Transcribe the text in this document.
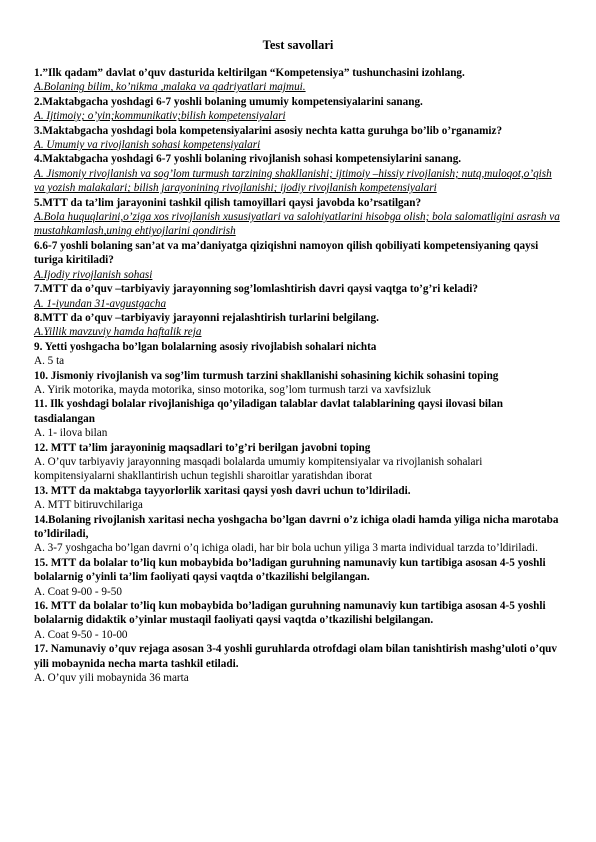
Test savollari

1.”Ilk qadam” davlat o’quv dasturida keltirilgan “Kompetensiya” tushunchasini izohlang.

A.Bolaning bilim, ko’nikma ,malaka va qadriyatlari majmui.

2.Maktabgacha yoshdagi 6-7 yoshli bolaning umumiy kompetensiyalarini sanang.

A. Ijtimoiy; o’yin;kommunikativ;bilish kompetensiyalari

3.Maktabgacha yoshdagi bola kompetensiyalarini asosiy nechta katta guruhga bo’lib o’rganamiz?

A. Umumiy va rivojlanish sohasi kompetensiyalari

4.Maktabgacha yoshdagi 6-7 yoshli bolaning rivojlanish sohasi kompetensiylarini sanang.

A. Jismoniy rivojlanish va sog’lom turmush tarzining shakllanishi; ijtimoiy –hissiy rivojlanish; nutq,muloqot,o’qish va yozish malakalari; bilish jarayonining rivojlanishi; ijodiy rivojlanish kompetensiyalari

5.MTT da ta’lim jarayonini tashkil qilish tamoyillari qaysi javobda ko’rsatilgan?

A.Bola huquqlarini,o’ziga xos rivojlanish xususiyatlari va salohiyatlarini hisobga olish; bola salomatligini asrash va mustahkamlash,uning ehtiyojlarini qondirish

6.6-7 yoshli bolaning san’at va ma’daniyatga qiziqishni namoyon qilish qobiliyati kompetensiyaning qaysi turiga kiritiladi?

A.Ijodiy rivojlanish sohasi

7.MTT da o’quv –tarbiyaviy jarayonning sog’lomlashtirish davri qaysi vaqtga to’g’ri keladi?

A. 1-iyundan 31-avgustgacha

8.MTT da o’quv –tarbiyaviy jarayonni rejalashtirish turlarini belgilang.

A.Yillik mavzuviy hamda haftalik reja

9. Yetti yoshgacha bo’lgan bolalarning asosiy rivojlabish sohalari nichta

A. 5 ta

10. Jismoniy rivojlanish va sog’lim turmush tarzini shakllanishi sohasining kichik sohasini toping

A. Yirik motorika, mayda motorika, sinso motorika, sog’lom turmush tarzi va xavfsizluk

11. Ilk yoshdagi bolalar rivojlanishiga qo’yiladigan talablar davlat talablarining qaysi ilovasi bilan tasdialangan

A. 1- ilova bilan

12. MTT ta’lim jarayoninig maqsadlari to’g’ri berilgan javobni toping

A. O’quv tarbiyaviy jarayonning masqadi bolalarda umumiy kompitensiyalar va rivojlanish sohalari kompitensiyalarni shakllantirish uchun tegishli sharoitlar yaratishdan iborat

13. MTT da maktabga tayyorlorlik xaritasi qaysi yosh davri uchun to’ldiriladi.

A. MTT bitiruvchilariga

14.Bolaning rivojlanish xaritasi necha yoshgacha bo’lgan davrni o’z ichiga oladi hamda yiliga nicha marotaba to’ldiriladi,

A. 3-7 yoshgacha bo’lgan davrni o’q ichiga oladi, har bir bola uchun yiliga 3 marta individual tarzda to’ldiriladi.

15. MTT da bolalar to’liq kun mobaybida bo’ladigan guruhning namunaviy kun tartibiga asosan 4-5 yoshli bolalarnig o’yinli ta’lim faoliyati qaysi vaqtda o’tkazilishi belgilangan.

A. Coat 9-00 - 9-50

16. MTT da bolalar to’liq kun mobaybida bo’ladigan guruhning namunaviy kun tartibiga asosan 4-5 yoshli bolalarnig didaktik o’yinlar mustaqil faoliyati qaysi vaqtda o’tkazilishi belgilangan.

A. Coat 9-50 - 10-00

17. Namunaviy o’quv rejaga asosan 3-4 yoshli guruhlarda otrofdagi olam bilan tanishtirish mashg’uloti o’quv yili mobaynida necha marta tashkil etiladi.

A. O’quv yili mobaynida 36 marta
